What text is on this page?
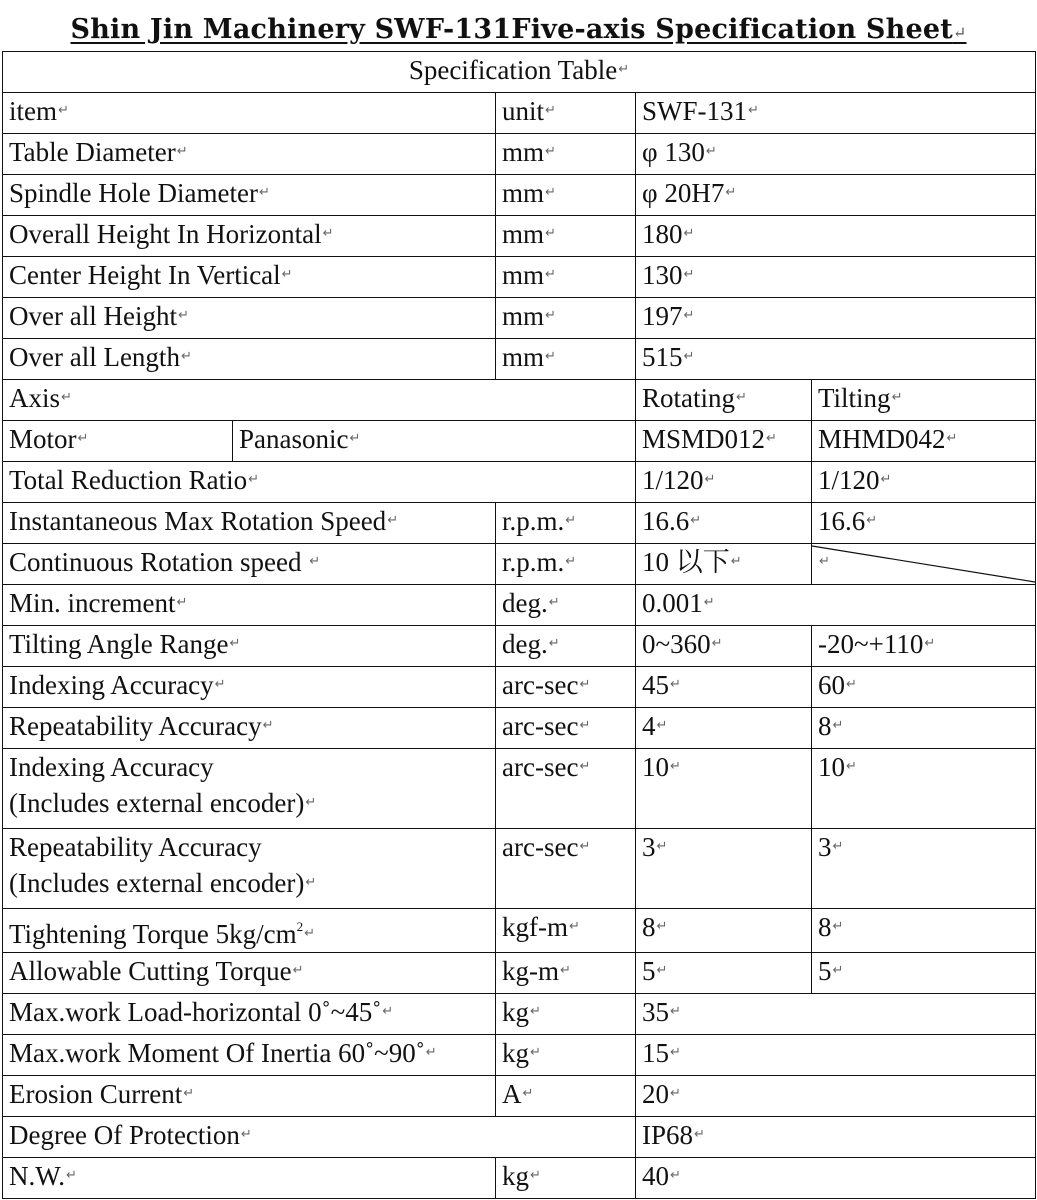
Shin Jin Machinery SWF-131Five-axis Specification Sheet↵
Specification Table↵
item↵		unit↵	SWF-131↵
Table Diameter↵		mm↵	φ 130↵
Spindle Hole Diameter↵		mm↵	φ 20H7↵
Overall Height In Horizontal↵		mm↵	180↵
Center Height In Vertical↵		mm↵	130↵
Over all Height↵		mm↵	197↵
Over all Length↵		mm↵	515↵
Axis↵			Rotating↵	Tilting↵
Motor↵	Panasonic↵		MSMD012↵	MHMD042↵
Total Reduction Ratio↵			1/120↵	1/120↵
Instantaneous Max Rotation Speed↵		r.p.m.↵	16.6↵	16.6↵
Continuous Rotation speed ↵		r.p.m.↵	10 以下↵	↵
Min. increment↵		deg.↵	0.001↵
Tilting Angle Range↵		deg.↵	0~360↵	-20~+110↵
Indexing Accuracy↵		arc-sec↵	45↵	60↵
Repeatability Accuracy↵		arc-sec↵	4↵	8↵
Indexing Accuracy
(Includes external encoder)↵		arc-sec↵	10↵	10↵
Repeatability Accuracy
(Includes external encoder)↵		arc-sec↵	3↵	3↵
Tightening Torque $5kg/cm^{2↵}$		kgf-m↵	8↵	8↵
Allowable Cutting Torque↵		kg-m↵	5↵	5↵
Max.work Load-horizontal 0˚~45˚↵		kg↵	35↵
Max.work Moment Of Inertia 60˚~90˚↵		kg↵	15↵
Erosion Current↵		A↵	20↵
Degree Of Protection↵			IP68↵
N.W.↵		kg↵	40↵
